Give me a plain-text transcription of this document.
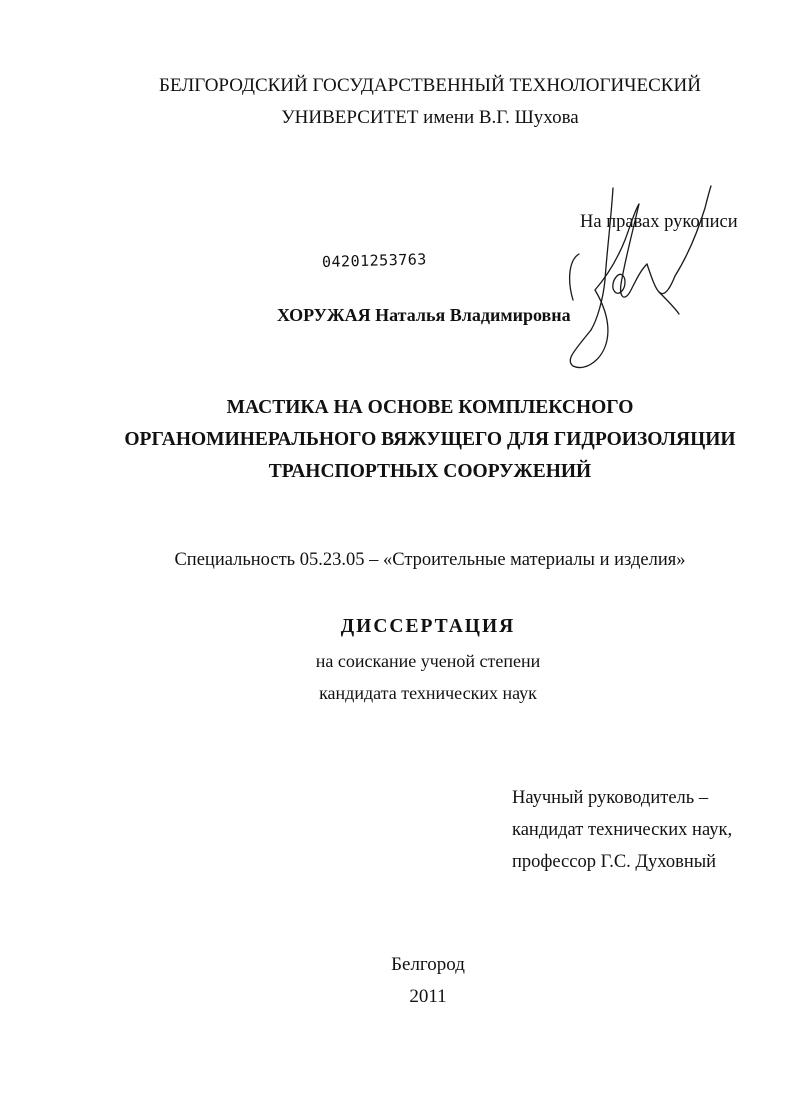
БЕЛГОРОДСКИЙ ГОСУДАРСТВЕННЫЙ ТЕХНОЛОГИЧЕСКИЙ
УНИВЕРСИТЕТ имени В.Г. Шухова
На правах рукописи
04201253763
ХОРУЖАЯ Наталья Владимировна
МАСТИКА НА ОСНОВЕ КОМПЛЕКСНОГО
ОРГАНОМИНЕРАЛЬНОГО ВЯЖУЩЕГО ДЛЯ ГИДРОИЗОЛЯЦИИ
ТРАНСПОРТНЫХ СООРУЖЕНИЙ
Специальность 05.23.05 – «Строительные материалы и изделия»
ДИССЕРТАЦИЯ
на соискание ученой степени
кандидата технических наук
Научный руководитель –
кандидат технических наук,
профессор Г.С. Духовный
Белгород
2011
